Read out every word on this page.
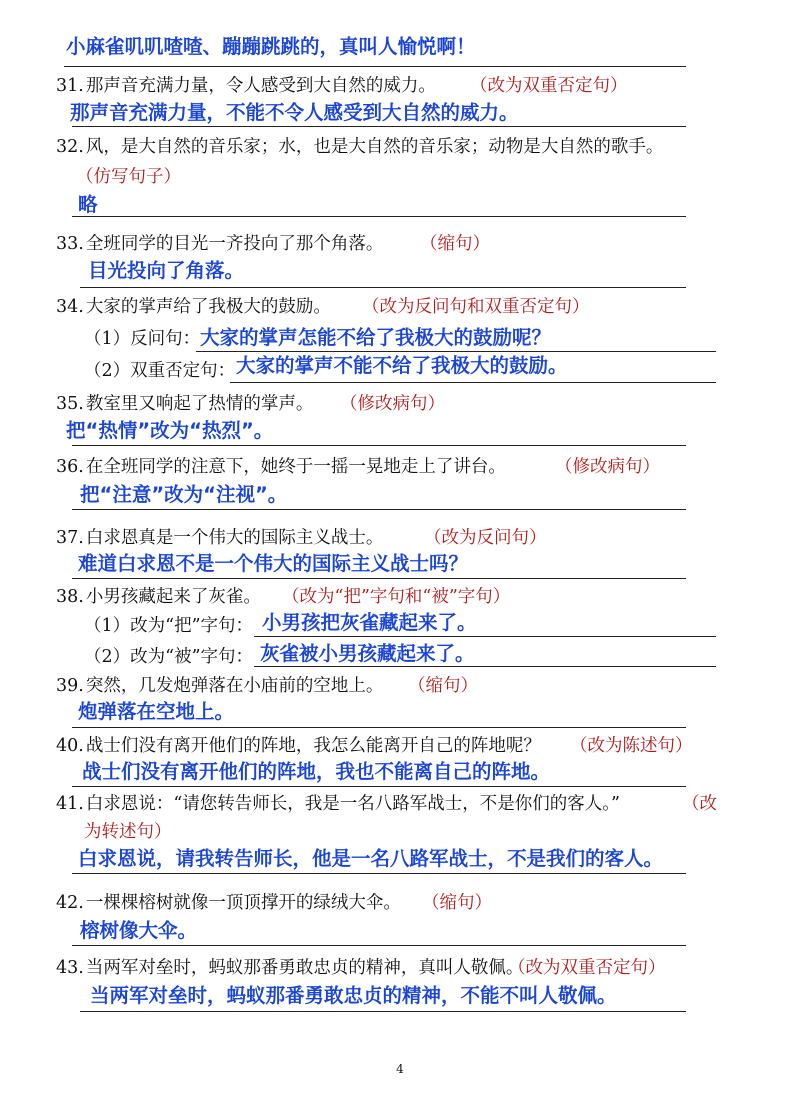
小麻雀叽叽喳喳、蹦蹦跳跳的，真叫人愉悦啊！
31. 那声音充满力量，令人感受到大自然的威力。 （改为双重否定句）
那声音充满力量，不能不令人感受到大自然的威力。
32. 风，是大自然的音乐家；水，也是大自然的音乐家；动物是大自然的歌手。
（仿写句子）
略
33. 全班同学的目光一齐投向了那个角落。 （缩句）
目光投向了角落。
34. 大家的掌声给了我极大的鼓励。 （改为反问句和双重否定句）
（1）反问句： 大家的掌声怎能不给了我极大的鼓励呢？
（2）双重否定句： 大家的掌声不能不给了我极大的鼓励。
35. 教室里又响起了热情的掌声。 （修改病句）
把“热情”改为“热烈”。
36. 在全班同学的注意下，她终于一摇一晃地走上了讲台。	（修改病句）
把“注意”改为“注视”。
37. 白求恩真是一个伟大的国际主义战士。 （改为反问句）
难道白求恩不是一个伟大的国际主义战士吗？
38. 小男孩藏起来了灰雀。 （改为“把”字句和“被”字句）
（1）改为“把”字句： 小男孩把灰雀藏起来了。
（2）改为“被”字句： 灰雀被小男孩藏起来了。
39. 突然，几发炮弹落在小庙前的空地上。 （缩句）
炮弹落在空地上。
40. 战士们没有离开他们的阵地，我怎么能离开自己的阵地呢？ （改为陈述句）
战士们没有离开他们的阵地，我也不能离自己的阵地。
41. 白求恩说：“请您转告师长，我是一名八路军战士，不是你们的客人。”	（改
为转述句）
白求恩说，请我转告师长，他是一名八路军战士，不是我们的客人。
42. 一棵棵榕树就像一顶顶撑开的绿绒大伞。 （缩句）
榕树像大伞。
43. 当两军对垒时，蚂蚁那番勇敢忠贞的精神，真叫人敬佩。
（改为双重否定句）
当两军对垒时，蚂蚁那番勇敢忠贞的精神，不能不叫人敬佩。
4
